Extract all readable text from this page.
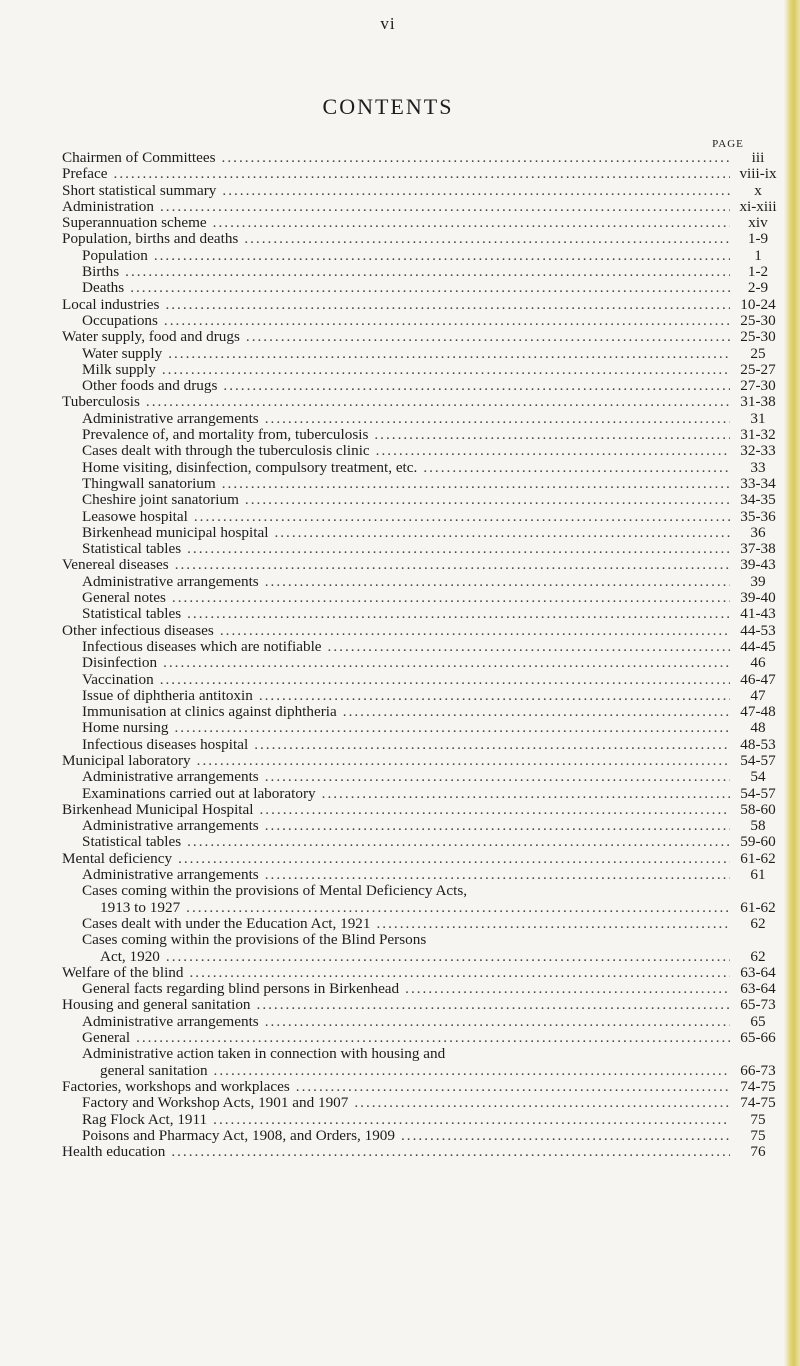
vi
CONTENTS
PAGE
Chairmen of Committees .....	iii
Preface .....	viii-ix
Short statistical summary .....	x
Administration .....	xi-xiii
Superannuation scheme .....	xiv
Population, births and deaths .....	1-9
Population .....	1
Births .....	1-2
Deaths .....	2-9
Local industries .....	10-24
Occupations .....	25-30
Water supply, food and drugs .....	25-30
Water supply .....	25
Milk supply .....	25-27
Other foods and drugs .....	27-30
Tuberculosis .....	31-38
Administrative arrangements .....	31
Prevalence of, and mortality from, tuberculosis .....	31-32
Cases dealt with through the tuberculosis clinic .....	32-33
Home visiting, disinfection, compulsory treatment, etc. .....	33
Thingwall sanatorium .....	33-34
Cheshire joint sanatorium .....	34-35
Leasowe hospital .....	35-36
Birkenhead municipal hospital .....	36
Statistical tables .....	37-38
Venereal diseases .....	39-43
Administrative arrangements .....	39
General notes .....	39-40
Statistical tables .....	41-43
Other infectious diseases .....	44-53
Infectious diseases which are notifiable .....	44-45
Disinfection .....	46
Vaccination .....	46-47
Issue of diphtheria antitoxin .....	47
Immunisation at clinics against diphtheria .....	47-48
Home nursing .....	48
Infectious diseases hospital .....	48-53
Municipal laboratory .....	54-57
Administrative arrangements .....	54
Examinations carried out at laboratory .....	54-57
Birkenhead Municipal Hospital .....	58-60
Administrative arrangements .....	58
Statistical tables .....	59-60
Mental deficiency .....	61-62
Administrative arrangements .....	61
Cases coming within the provisions of Mental Deficiency Acts,
1913 to 1927 .....	61-62
Cases dealt with under the Education Act, 1921 .....	62
Cases coming within the provisions of the Blind Persons
Act, 1920 .....	62
Welfare of the blind .....	63-64
General facts regarding blind persons in Birkenhead .....	63-64
Housing and general sanitation .....	65-73
Administrative arrangements .....	65
General .....	65-66
Administrative action taken in connection with housing and
general sanitation .....	66-73
Factories, workshops and workplaces .....	74-75
Factory and Workshop Acts, 1901 and 1907 .....	74-75
Rag Flock Act, 1911 .....	75
Poisons and Pharmacy Act, 1908, and Orders, 1909 .....	75
Health education .....	76
